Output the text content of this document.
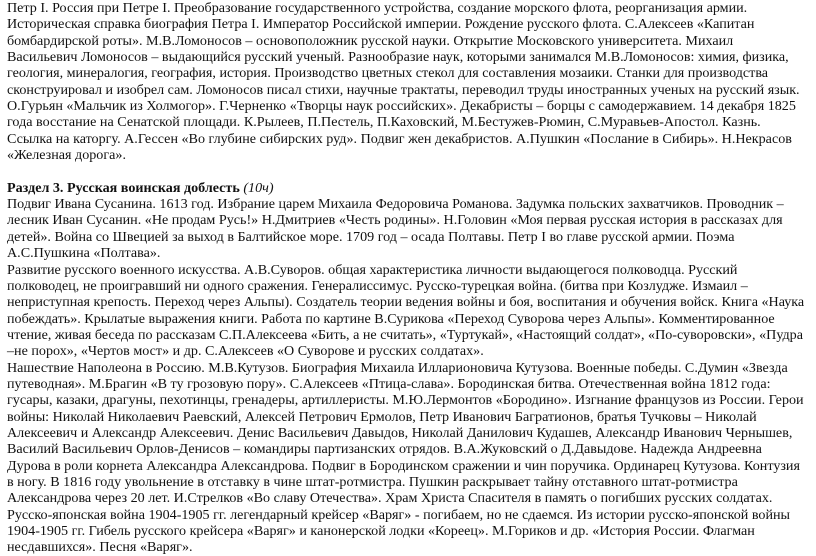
Петр I. Россия при Петре I. Преобразование государственного устройства, создание морского флота, реорганизация армии. Историческая справка биография Петра I. Император Российской империи. Рождение русского флота. С.Алексеев «Капитан бомбардирской роты». М.В.Ломоносов – основоположник русской науки. Открытие Московского университета. Михаил Васильевич Ломоносов – выдающийся русский ученый. Разнообразие наук, которыми занимался М.В.Ломоносов: химия, физика, геология, минералогия, география, история. Производство цветных стекол для составления мозаики. Станки для производства сконструировал и изобрел сам. Ломоносов писал стихи, научные трактаты, переводил труды иностранных ученых на русский язык.

О.Гурьян «Мальчик из Холмогор». Г.Черненко «Творцы наук российских». Декабристы – борцы с самодержавием. 14 декабря 1825 года восстание на Сенатской площади. К.Рылеев, П.Пестель, П.Каховский, М.Бестужев-Рюмин, С.Муравьев-Апостол. Казнь. Ссылка на каторгу. А.Гессен «Во глубине сибирских руд». Подвиг жен декабристов. А.Пушкин «Послание в Сибирь». Н.Некрасов «Железная дорога».

Раздел 3. Русская воинская доблесть (10ч)

Подвиг Ивана Сусанина. 1613 год. Избрание царем Михаила Федоровича Романова. Задумка польских захватчиков. Проводник – лесник Иван Сусанин. «Не продам Русь!» Н.Дмитриев «Честь родины». Н.Головин «Моя первая русская история в рассказах для детей». Война со Швецией за выход в Балтийское море. 1709 год – осада Полтавы. Петр I во главе русской армии. Поэма А.С.Пушкина «Полтава».

Развитие русского военного искусства. А.В.Суворов. общая характеристика личности выдающегося полководца. Русский полководец, не проигравший ни одного сражения. Генералиссимус. Русско-турецкая война. (битва при Козлудже. Измаил – неприступная крепость. Переход через Альпы). Создатель теории ведения войны и боя, воспитания и обучения войск. Книга «Наука побеждать». Крылатые выражения книги. Работа по картине В.Сурикова «Переход Суворова через Альпы». Комментированное чтение, живая беседа по рассказам С.П.Алексеева «Бить, а не считать», «Туртукай», «Настоящий солдат», «По-суворовски», «Пудра –не порох», «Чертов мост» и др. С.Алексеев «О Суворове и русских солдатах».

Нашествие Наполеона в Россию. М.В.Кутузов. Биография Михаила Илларионовича Кутузова. Военные победы. С.Думин «Звезда путеводная». М.Брагин «В ту грозовую пору». С.Алексеев «Птица-слава». Бородинская битва. Отечественная война 1812 года: гусары, казаки, драгуны, пехотинцы, гренадеры, артиллеристы. М.Ю.Лермонтов «Бородино». Изгнание французов из России. Герои войны: Николай Николаевич Раевский, Алексей Петрович Ермолов, Петр Иванович Багратионов, братья Тучковы – Николай Алексеевич и Александр Алексеевич. Денис Васильевич Давыдов, Николай Данилович Кудашев, Александр Иванович Чернышев, Василий Васильевич Орлов-Денисов – командиры партизанских отрядов. В.А.Жуковский о Д.Давыдове. Надежда Андреевна Дурова в роли корнета Александра Александрова. Подвиг в Бородинском сражении и чин поручика. Ординарец Кутузова. Контузия в ногу. В 1816 году увольнение в отставку в чине штат-ротмистра. Пушкин раскрывает тайну отставного штат-ротмистра Александрова через 20 лет. И.Стрелков «Во славу Отечества». Храм Христа Спасителя в память о погибших русских солдатах.

Русско-японская война 1904-1905 гг. легендарный крейсер «Варяг» - погибаем, но не сдаемся. Из истории русско-японской войны 1904-1905 гг. Гибель русского крейсера «Варяг» и канонерской лодки «Кореец». М.Гориков и др. «История России. Флагман несдавшихся». Песня «Варяг».
